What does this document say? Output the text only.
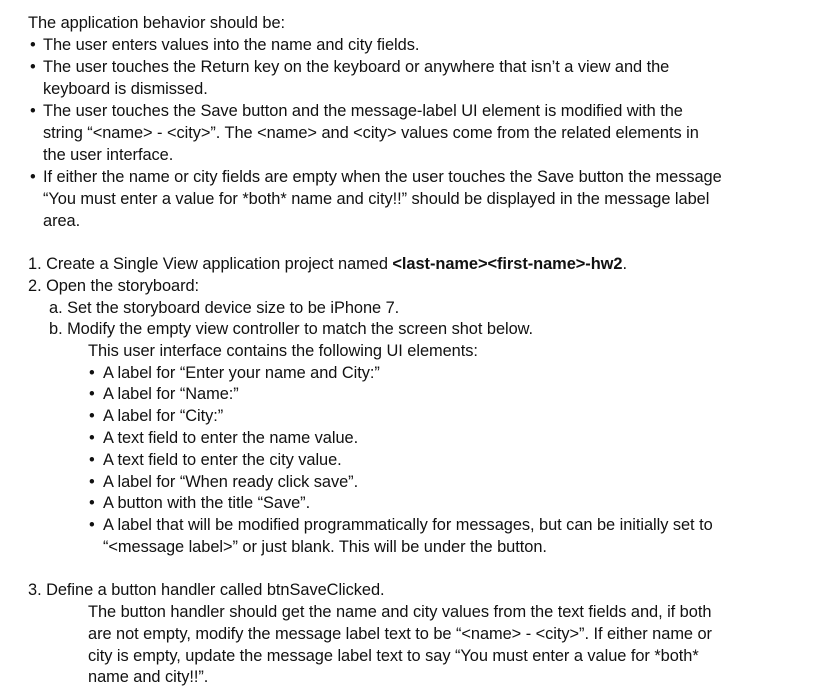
The application behavior should be:
• The user enters values into the name and city fields.
• The user touches the Return key on the keyboard or anywhere that isn’t a view and the
keyboard is dismissed.
• The user touches the Save button and the message-label UI element is modified with the
string “<name> - <city>”. The <name> and <city> values come from the related elements in
the user interface.
• If either the name or city fields are empty when the user touches the Save button the message
“You must enter a value for *both* name and city!!” should be displayed in the message label
area.
1. Create a Single View application project named <last-name><first-name>-hw2.
2. Open the storyboard:
a. Set the storyboard device size to be iPhone 7.
b. Modify the empty view controller to match the screen shot below.
This user interface contains the following UI elements:
• A label for “Enter your name and City:”
• A label for “Name:”
• A label for “City:”
• A text field to enter the name value.
• A text field to enter the city value.
• A label for “When ready click save”.
• A button with the title “Save”.
• A label that will be modified programmatically for messages, but can be initially set to
“<message label>” or just blank. This will be under the button.
3. Define a button handler called btnSaveClicked.
The button handler should get the name and city values from the text fields and, if both
are not empty, modify the message label text to be “<name> - <city>”. If either name or
city is empty, update the message label text to say “You must enter a value for *both*
name and city!!”.
